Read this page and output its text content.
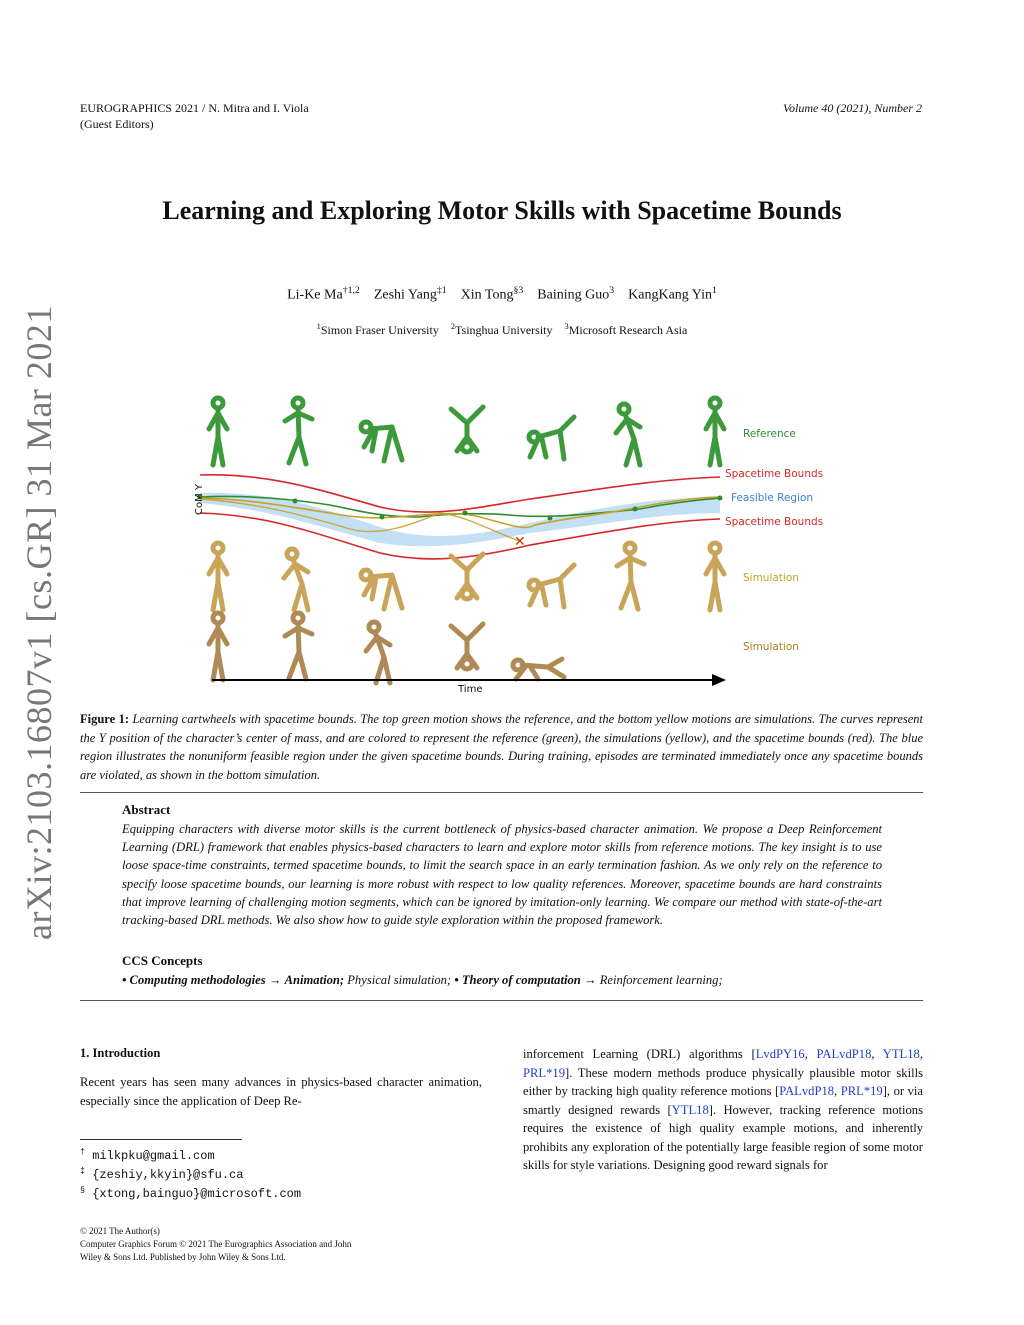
EUROGRAPHICS 2021 / N. Mitra and I. Viola
(Guest Editors)
Volume 40 (2021), Number 2
arXiv:2103.16807v1 [cs.GR] 31 Mar 2021
Learning and Exploring Motor Skills with Spacetime Bounds
Li-Ke Ma$^{\dagger 1,2}$ Zeshi Yang$^{\ddagger 1}$ Xin Tong$^{\S 3}$ Baining Guo$^3$ KangKang Yin$^1$
$^1$Simon Fraser University $^2$Tsinghua University $^3$Microsoft Research Asia
✕
CoM Y
Reference
Spacetime Bounds
Feasible Region
Spacetime Bounds
Simulation
Simulation
Time
Figure 1: Learning cartwheels with spacetime bounds. The top green motion shows the reference, and the bottom yellow motions are simulations. The curves represent the Y position of the character’s center of mass, and are colored to represent the reference (green), the simulations (yellow), and the spacetime bounds (red). The blue region illustrates the nonuniform feasible region under the given spacetime bounds. During training, episodes are terminated immediately once any spacetime bounds are violated, as shown in the bottom simulation.
Abstract
Equipping characters with diverse motor skills is the current bottleneck of physics-based character animation. We propose a Deep Reinforcement Learning (DRL) framework that enables physics-based characters to learn and explore motor skills from reference motions. The key insight is to use loose space-time constraints, termed spacetime bounds, to limit the search space in an early termination fashion. As we only rely on the reference to specify loose spacetime bounds, our learning is more robust with respect to low quality references. Moreover, spacetime bounds are hard constraints that improve learning of challenging motion segments, which can be ignored by imitation-only learning. We compare our method with state-of-the-art tracking-based DRL methods. We also show how to guide style exploration within the proposed framework.
CCS Concepts
• Computing methodologies → Animation; Physical simulation; • Theory of computation → Reinforcement learning;
1. Introduction
Recent years has seen many advances in physics-based character animation, especially since the application of Deep Re-
inforcement Learning (DRL) algorithms [LvdPY16, PALvdP18, YTL18, PRL*19]. These modern methods produce physically plausible motor skills either by tracking high quality reference motions [PALvdP18, PRL*19], or via smartly designed rewards [YTL18]. However, tracking reference motions requires the existence of high quality example motions, and inherently prohibits any exploration of the potentially large feasible region of some motor skills for style variations. Designing good reward signals for
† milkpku@gmail.com
‡ {zeshiy,kkyin}@sfu.ca
§ {xtong,bainguo}@microsoft.com
© 2021 The Author(s)
Computer Graphics Forum © 2021 The Eurographics Association and John
Wiley & Sons Ltd. Published by John Wiley & Sons Ltd.
